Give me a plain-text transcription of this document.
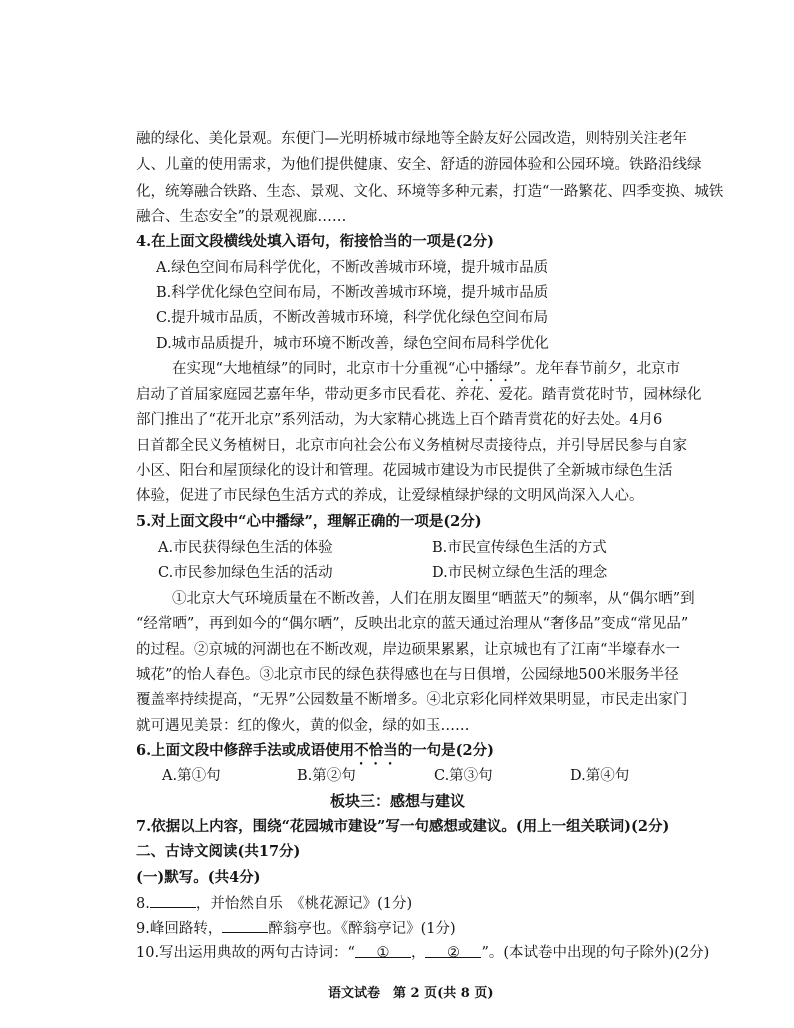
融的绿化、美化景观。东便门—光明桥城市绿地等全龄友好公园改造，则特别关注老年
人、儿童的使用需求，为他们提供健康、安全、舒适的游园体验和公园环境。铁路沿线绿
化，统筹融合铁路、生态、景观、文化、环境等多种元素，打造“一路繁花、四季变换、城铁
融合、生态安全”的景观视廊……
4.在上面文段横线处填入语句，衔接恰当的一项是(2分)
A.绿色空间布局科学优化，不断改善城市环境，提升城市品质
B.科学优化绿色空间布局，不断改善城市环境，提升城市品质
C.提升城市品质，不断改善城市环境，科学优化绿色空间布局
D.城市品质提升，城市环境不断改善，绿色空间布局科学优化
在实现“大地植绿”的同时，北京市十分重视“心中播绿”。龙年春节前夕，北京市
启动了首届家庭园艺嘉年华，带动更多市民看花、养花、爱花。踏青赏花时节，园林绿化
部门推出了“花开北京”系列活动，为大家精心挑选上百个踏青赏花的好去处。4月6
日首都全民义务植树日，北京市向社会公布义务植树尽责接待点，并引导居民参与自家
小区、阳台和屋顶绿化的设计和管理。花园城市建设为市民提供了全新城市绿色生活
体验，促进了市民绿色生活方式的养成，让爱绿植绿护绿的文明风尚深入人心。
5.对上面文段中“心中播绿”，理解正确的一项是(2分)
A.市民获得绿色生活的体验	B.市民宣传绿色生活的方式
C.市民参加绿色生活的活动	D.市民树立绿色生活的理念
①北京大气环境质量在不断改善，人们在朋友圈里“晒蓝天”的频率，从“偶尔晒”到
“经常晒”，再到如今的“偶尔晒”，反映出北京的蓝天通过治理从“奢侈品”变成“常见品”
的过程。②京城的河湖也在不断改观，岸边硕果累累，让京城也有了江南“半壕春水一
城花”的怡人春色。③北京市民的绿色获得感也在与日俱增，公园绿地500米服务半径
覆盖率持续提高，“无界”公园数量不断增多。④北京彩化同样效果明显，市民走出家门
就可遇见美景：红的像火，黄的似金，绿的如玉……
6.上面文段中修辞手法或成语使用不恰当的一句是(2分)
A.第①句	B.第②句	C.第③句	D.第④句
板块三：感想与建议
7.依据以上内容，围绕“花园城市建设”写一句感想或建议。(用上一组关联词)(2分)
二、古诗文阅读(共17分)
(一)默写。(共4分)
8.	，并怡然自乐　《桃花源记》(1分)
9.峰回路转，	醉翁亭也。《醉翁亭记》(1分)
10.写出运用典故的两句古诗词：“ ① ， ② ”。(本试卷中出现的句子除外)(2分)
语文试卷　第 2 页(共 8 页)
